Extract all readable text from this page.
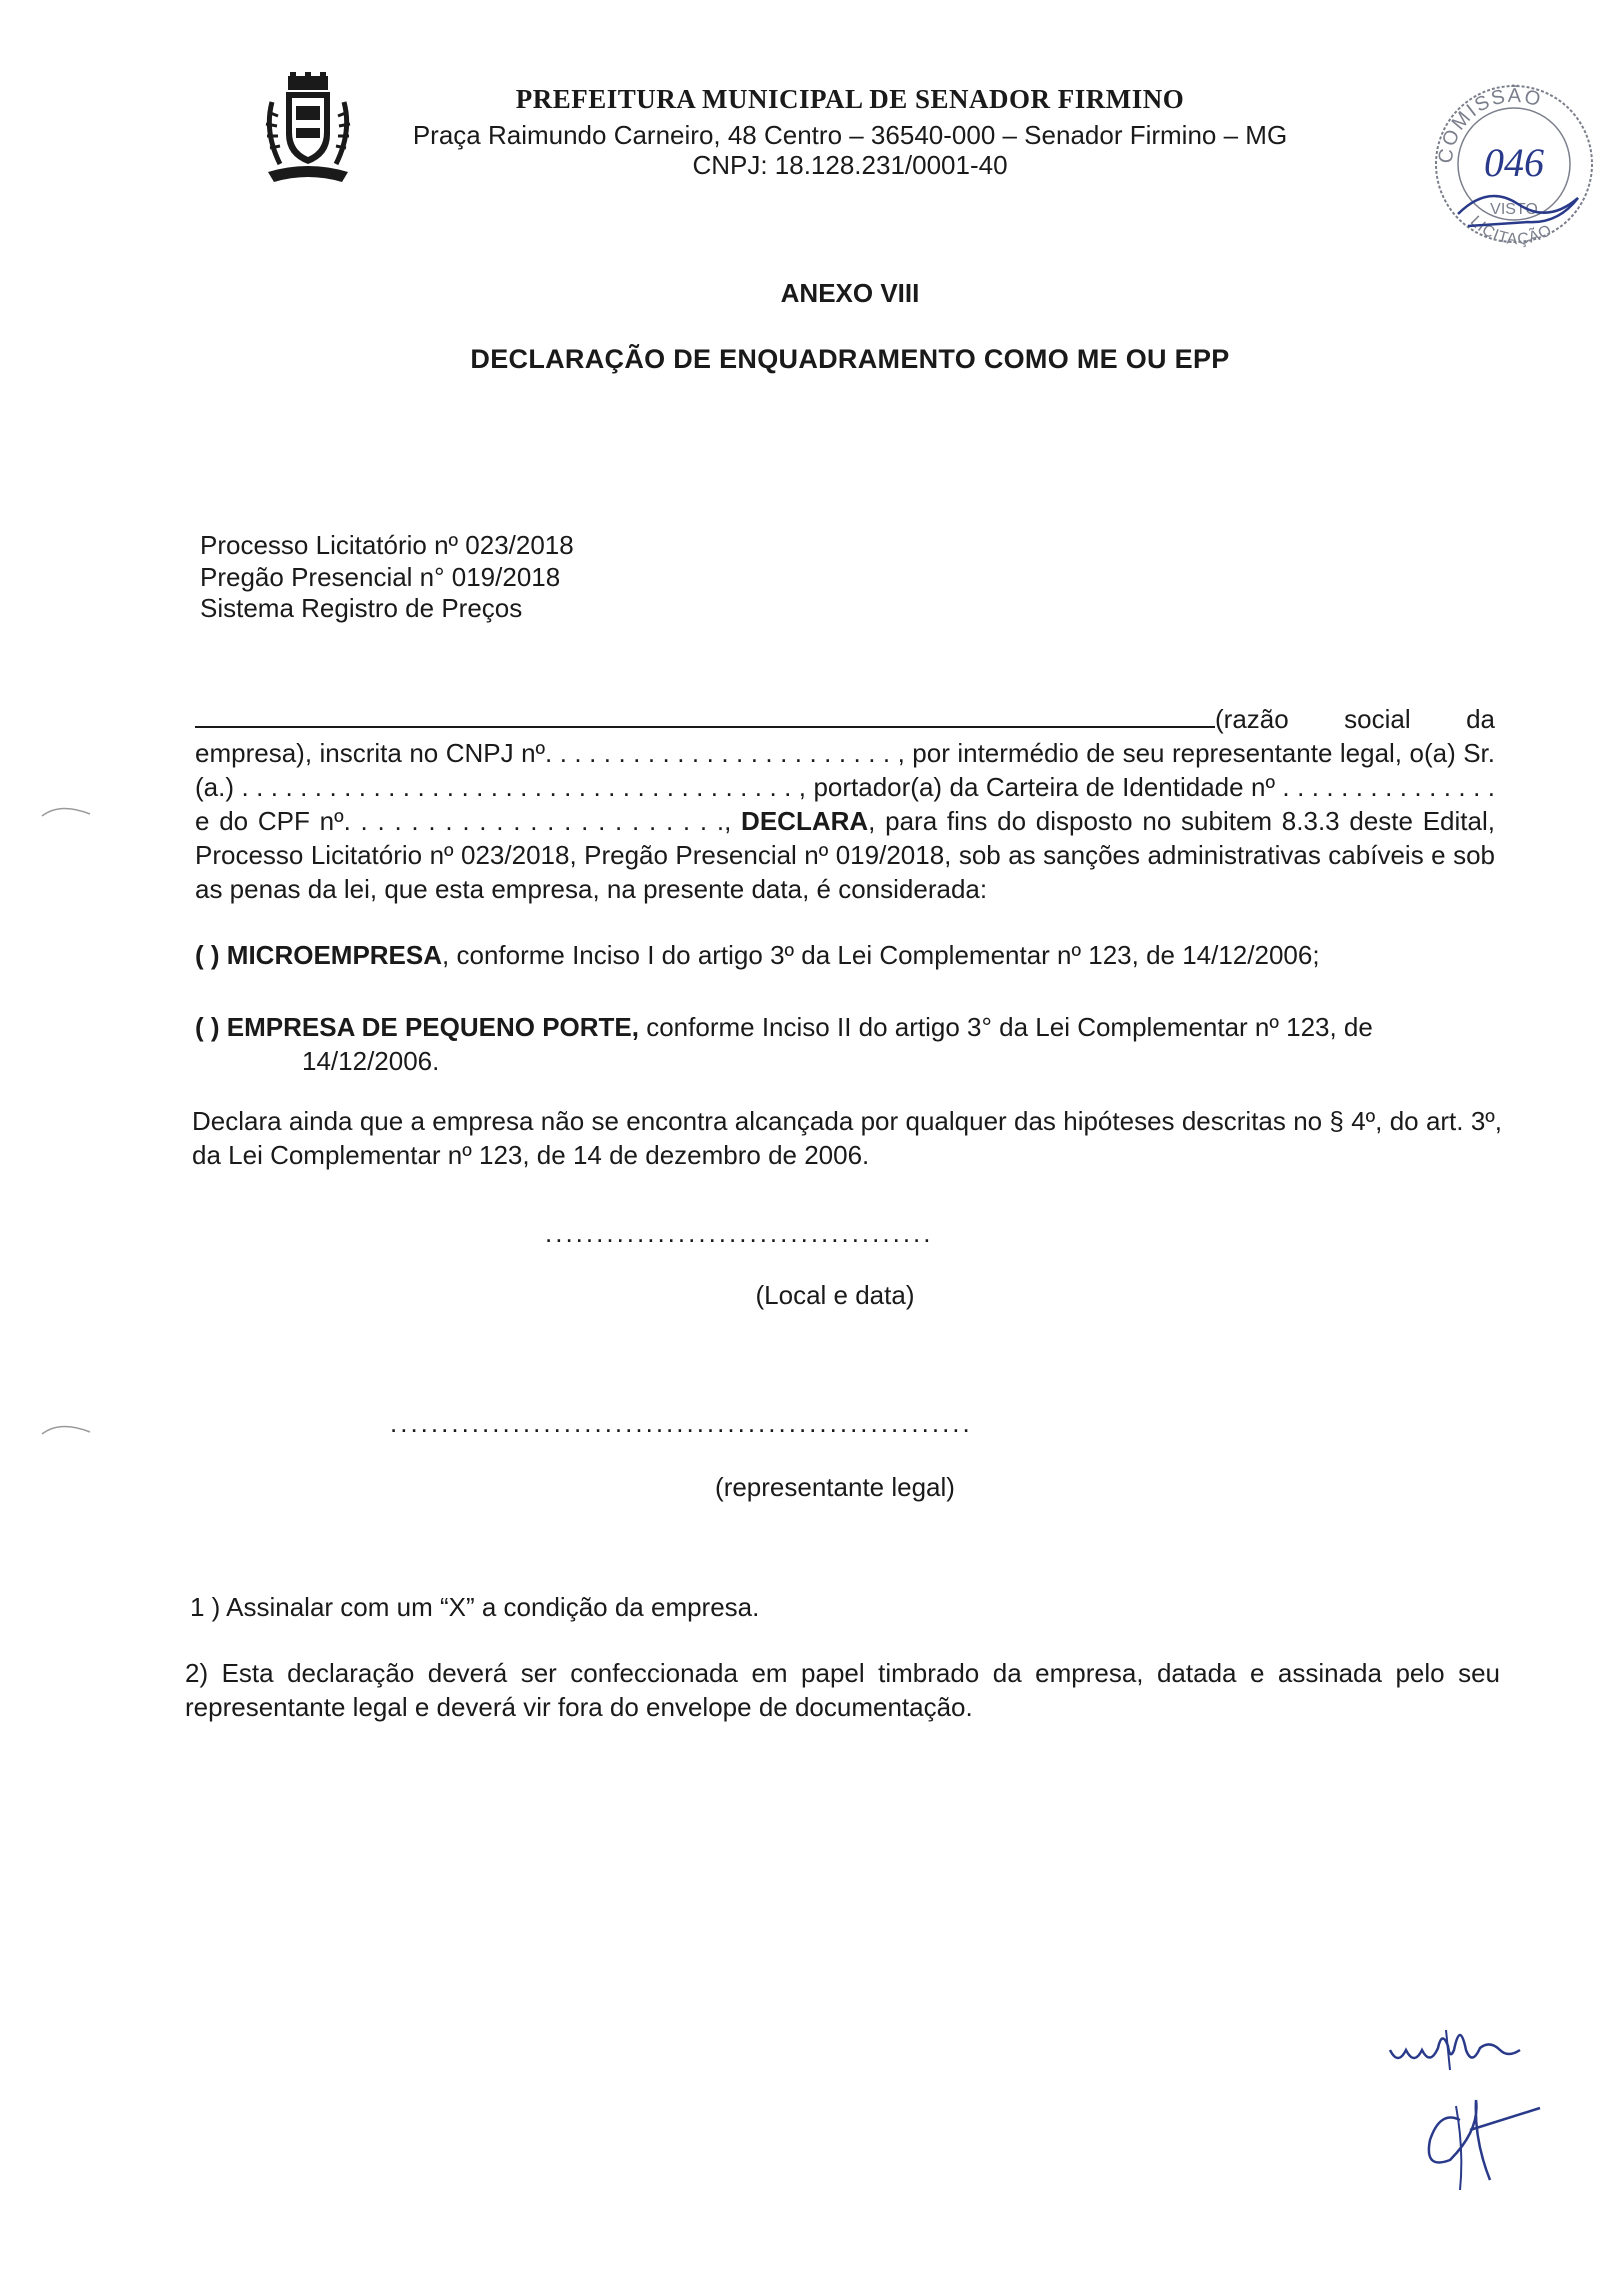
PREFEITURA MUNICIPAL DE SENADOR FIRMINO
Praça Raimundo Carneiro, 48 Centro – 36540-000 – Senador Firmino – MG
CNPJ: 18.128.231/0001-40	COMISSÃO
046
VISTO
LICITAÇÃO
ANEXO VIII
DECLARAÇÃO DE ENQUADRAMENTO COMO ME OU EPP
Processo Licitatório nº 023/2018
Pregão Presencial n° 019/2018
Sistema Registro de Preços

(razão social da empresa), inscrita no CNPJ nº. . . . . . . . . . . . . . . . . . . . . . . . , por intermédio de seu representante legal, o(a) Sr.(a.) . . . . . . . . . . . . . . . . . . . . . . . . . . . . . . . . . . . . . . , portador(a) da Carteira de Identidade nº . . . . . . . . . . . . . . . e do CPF nº. . . . . . . . . . . . . . . . . . . . . . ., DECLARA, para fins do disposto no subitem 8.3.3 deste Edital, Processo Licitatório nº 023/2018, Pregão Presencial nº 019/2018, sob as sanções administrativas cabíveis e sob as penas da lei, que esta empresa, na presente data, é considerada:

( ) MICROEMPRESA, conforme Inciso I do artigo 3º da Lei Complementar nº 123, de 14/12/2006;
( ) EMPRESA DE PEQUENO PORTE, conforme Inciso II do artigo 3° da Lei Complementar nº 123, de
14/12/2006.
Declara ainda que a empresa não se encontra alcançada por qualquer das hipóteses descritas no § 4º, do art. 3º, da Lei Complementar nº 123, de 14 de dezembro de 2006.
......................................
(Local e data)
.........................................................
(representante legal)
1 ) Assinalar com um “X” a condição da empresa.
2) Esta declaração deverá ser confeccionada em papel timbrado da empresa, datada e assinada pelo seu representante legal e deverá vir fora do envelope de documentação.
